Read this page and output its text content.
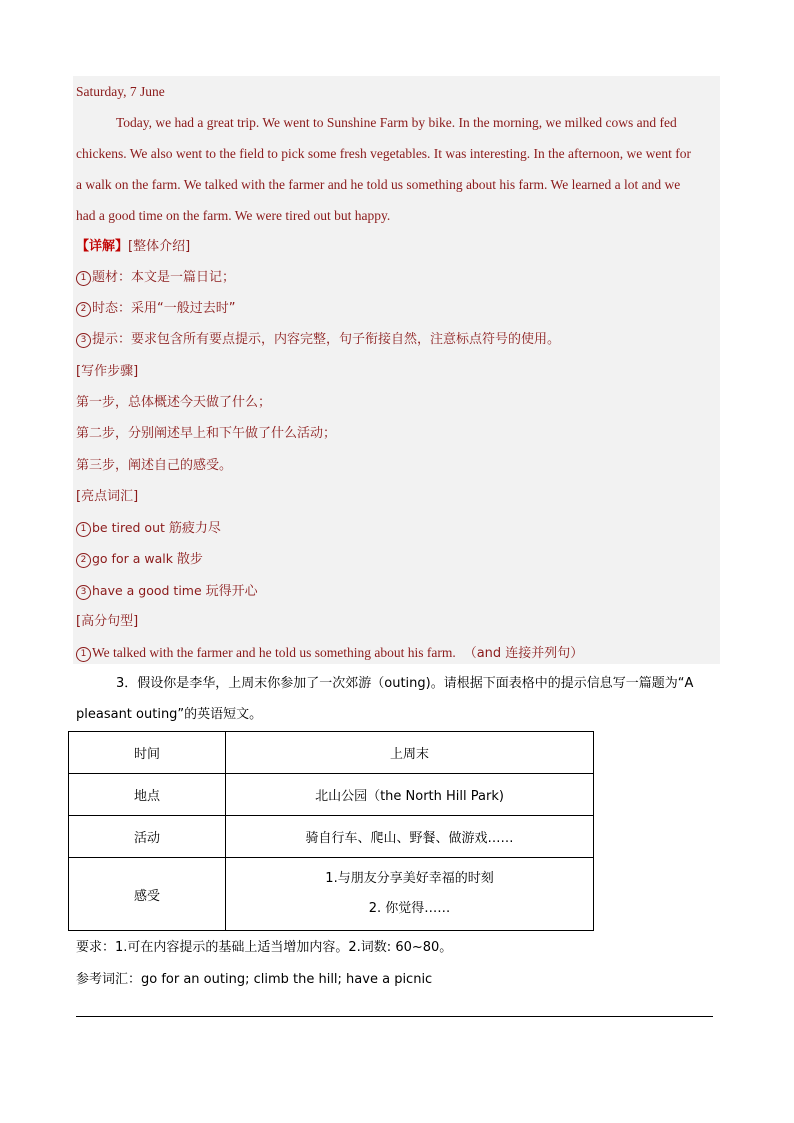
Saturday, 7 June
Today, we had a great trip. We went to Sunshine Farm by bike. In the morning, we milked cows and fed
chickens. We also went to the field to pick some fresh vegetables. It was interesting. In the afternoon, we went for
a walk on the farm. We talked with the farmer and he told us something about his farm. We learned a lot and we
had a good time on the farm. We were tired out but happy.
【详解】[整体介绍]
1 题材：本文是一篇日记；
2 时态：采用“一般过去时”
3 提示：要求包含所有要点提示，内容完整，句子衔接自然，注意标点符号的使用。
[写作步骤]
第一步，总体概述今天做了什么；
第二步，分别阐述早上和下午做了什么活动；
第三步，阐述自己的感受。
[亮点词汇]
1 be tired out 筋疲力尽
2 go for a walk 散步
3 have a good time 玩得开心
[高分句型]
1 We talked with the farmer and he told us something about his farm. （and 连接并列句）
3．假设你是李华，上周末你参加了一次郊游（outing)。请根据下面表格中的提示信息写一篇题为“A
pleasant outing”的英语短文。
时间	上周末
地点	北山公园（the North Hill Park)
活动	骑自行车、爬山、野餐、做游戏……
感受	1.与朋友分享美好幸福的时刻
2. 你觉得……
要求：1.可在内容提示的基础上适当增加内容。2.词数: 60~80。
参考词汇：go for an outing; climb the hill; have a picnic
